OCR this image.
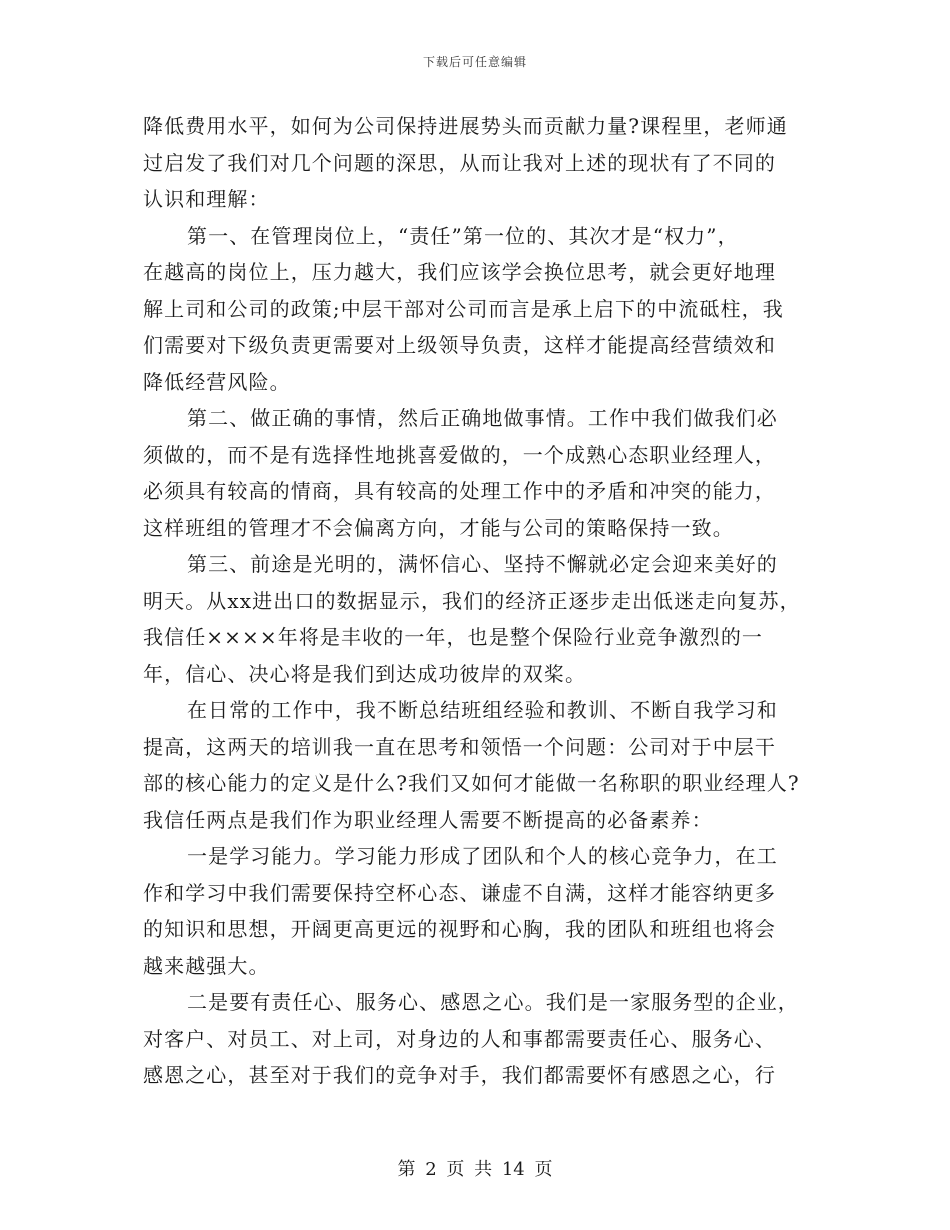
下载后可任意编辑
降低费用水平，如何为公司保持进展势头而贡献力量?课程里，老师通
过启发了我们对几个问题的深思，从而让我对上述的现状有了不同的
认识和理解：
第一、在管理岗位上，“责任”第一位的、其次才是“权力”，
在越高的岗位上，压力越大，我们应该学会换位思考，就会更好地理
解上司和公司的政策;中层干部对公司而言是承上启下的中流砥柱，我
们需要对下级负责更需要对上级领导负责，这样才能提高经营绩效和
降低经营风险。
第二、做正确的事情，然后正确地做事情。工作中我们做我们必
须做的，而不是有选择性地挑喜爱做的，一个成熟心态职业经理人，
必须具有较高的情商，具有较高的处理工作中的矛盾和冲突的能力，
这样班组的管理才不会偏离方向，才能与公司的策略保持一致。
第三、前途是光明的，满怀信心、坚持不懈就必定会迎来美好的
明天。从xx进出口的数据显示，我们的经济正逐步走出低迷走向复苏，
我信任××××年将是丰收的一年，也是整个保险行业竞争激烈的一
年，信心、决心将是我们到达成功彼岸的双桨。
在日常的工作中，我不断总结班组经验和教训、不断自我学习和
提高，这两天的培训我一直在思考和领悟一个问题：公司对于中层干
部的核心能力的定义是什么?我们又如何才能做一名称职的职业经理人?
我信任两点是我们作为职业经理人需要不断提高的必备素养：
一是学习能力。学习能力形成了团队和个人的核心竞争力，在工
作和学习中我们需要保持空杯心态、谦虚不自满，这样才能容纳更多
的知识和思想，开阔更高更远的视野和心胸，我的团队和班组也将会
越来越强大。
二是要有责任心、服务心、感恩之心。我们是一家服务型的企业，
对客户、对员工、对上司，对身边的人和事都需要责任心、服务心、
感恩之心，甚至对于我们的竞争对手，我们都需要怀有感恩之心，行
第 2 页 共 14 页
